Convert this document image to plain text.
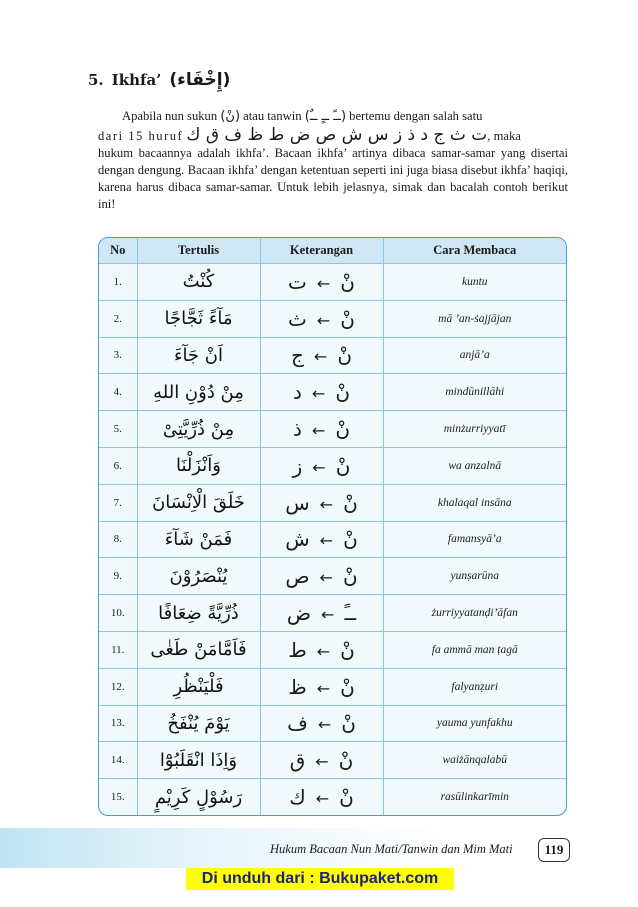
5. Ikhfa’ (إِخْفَاء)

Apabila nun sukun (نْ) atau tanwin (ــً ــٍ ــٌ) bertemu dengan salah satu

dari 15 huruf ت ث ج د ذ ز س ش ص ض ط ظ ف ق ك, maka

hukum bacaannya adalah ikhfa’. Bacaan ikhfa’ artinya dibaca samar-samar yang disertai dengan dengung. Bacaan ikhfa’ dengan ketentuan seperti ini juga biasa disebut ikhfa’ haqiqi, karena harus dibaca samar-samar. Untuk lebih jelasnya, simak dan bacalah contoh berikut ini!

No	Tertulis	Keterangan	Cara Membaca
1.	كُنْتُ	نْ←ت	kuntu
2.	مَآءً ثَجَّاجًا	نْ←ث	mā ’an-ṡajjājan
3.	اَنْ جَآءَ	نْ←ج	anjā’a
4.	مِنْ دُوْنِ اللهِ	نْ←د	mindūnillāhi
5.	مِنْ ذُرِّيَّتِىْ	نْ←ذ	minżurriyyatī
6.	وَاَنْزَلْنَا	نْ←ز	wa anzalnā
7.	خَلَقَ الْاِنْسَانَ	نْ←س	khalaqal insāna
8.	فَمَنْ شَآءَ	نْ←ش	famansyā’a
9.	يُنْصَرُوْنَ	نْ←ص	yunṣarūna
10.	ذُرِّيَّةً ضِعَافًا	ــً←ض	żurriyyatanḍi’āfan
11.	فَاَمَّامَنْ طَغٰى	نْ←ط	fa ammā man ṭagā
12.	فَلْيَنْظُرِ	نْ←ظ	falyanẓuri
13.	يَوْمَ يُنْفَخُ	نْ←ف	yauma yunfakhu
14.	وَاِذَا انْقَلَبُوْٓا	نْ←ق	waiżānqalabū
15.	رَسُوْلٍ كَرِيْمٍ	نْ←ك	rasūlinkarīmin
Hukum Bacaan Nun Mati/Tanwin dan Mim Mati	119
Di unduh dari : Bukupaket.com
